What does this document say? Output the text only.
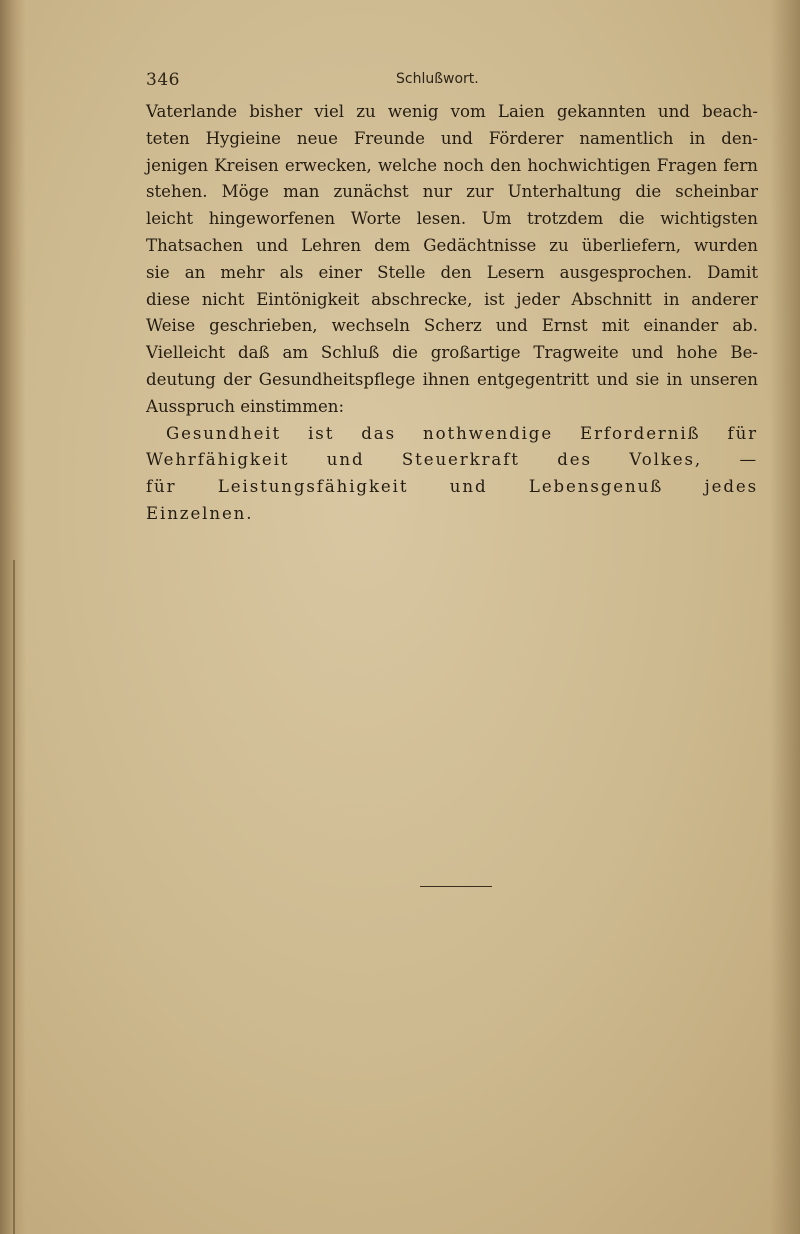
346	Schlußwort.
Vaterlande bisher viel zu wenig vom Laien gekannten und beach-
teten Hygieine neue Freunde und Förderer namentlich in den-
jenigen Kreisen erwecken, welche noch den hochwichtigen Fragen fern
stehen. Möge man zunächst nur zur Unterhaltung die scheinbar
leicht hingeworfenen Worte lesen. Um trotzdem die wichtigsten
Thatsachen und Lehren dem Gedächtnisse zu überliefern, wurden
sie an mehr als einer Stelle den Lesern ausgesprochen. Damit
diese nicht Eintönigkeit abschrecke, ist jeder Abschnitt in anderer
Weise geschrieben, wechseln Scherz und Ernst mit einander ab.
Vielleicht daß am Schluß die großartige Tragweite und hohe Be-
deutung der Gesundheitspflege ihnen entgegentritt und sie in unseren
Ausspruch einstimmen:
Gesundheit ist das nothwendige Erforderniß für
Wehrfähigkeit und Steuerkraft des Volkes, —
für Leistungsfähigkeit und Lebensgenuß jedes
Einzelnen.
